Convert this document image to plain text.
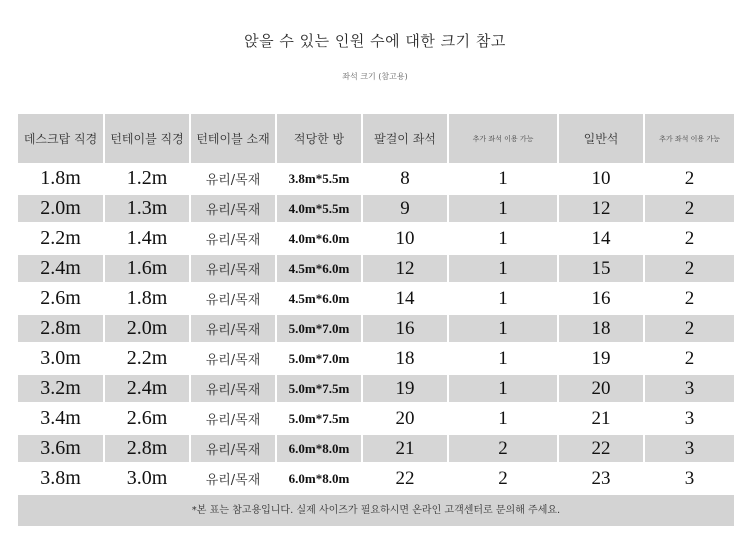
앉을 수 있는 인원 수에 대한 크기 참고
좌석 크기 (참고용)
데스크탑 직경	턴테이블 직경	턴테이블 소재	적당한 방	팔걸이 좌석	추가 좌석 이용 가능	일반석	추가 좌석 이용 가능
1.8m	1.2m	유리/목재	3.8m*5.5m	8	1	10	2
2.0m	1.3m	유리/목재	4.0m*5.5m	9	1	12	2
2.2m	1.4m	유리/목재	4.0m*6.0m	10	1	14	2
2.4m	1.6m	유리/목재	4.5m*6.0m	12	1	15	2
2.6m	1.8m	유리/목재	4.5m*6.0m	14	1	16	2
2.8m	2.0m	유리/목재	5.0m*7.0m	16	1	18	2
3.0m	2.2m	유리/목재	5.0m*7.0m	18	1	19	2
3.2m	2.4m	유리/목재	5.0m*7.5m	19	1	20	3
3.4m	2.6m	유리/목재	5.0m*7.5m	20	1	21	3
3.6m	2.8m	유리/목재	6.0m*8.0m	21	2	22	3
3.8m	3.0m	유리/목재	6.0m*8.0m	22	2	23	3
*본 표는 참고용입니다. 실제 사이즈가 필요하시면 온라인 고객센터로 문의해 주세요.
